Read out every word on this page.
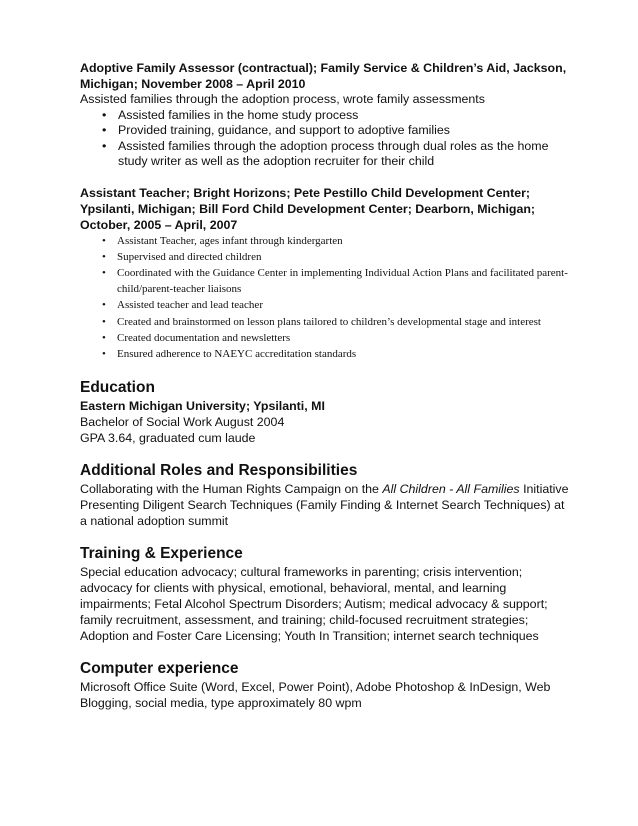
Adoptive Family Assessor (contractual); Family Service & Children’s Aid, Jackson, Michigan; November 2008 – April 2010

Assisted families through the adoption process, wrote family assessments

• Assisted families in the home study process
• Provided training, guidance, and support to adoptive families
• Assisted families through the adoption process through dual roles as the home study writer as well as the adoption recruiter for their child

Assistant Teacher; Bright Horizons; Pete Pestillo Child Development Center; Ypsilanti, Michigan; Bill Ford Child Development Center; Dearborn, Michigan; October, 2005 – April, 2007

• Assistant Teacher, ages infant through kindergarten
• Supervised and directed children
• Coordinated with the Guidance Center in implementing Individual Action Plans and facilitated parent-child/parent-teacher liaisons
• Assisted teacher and lead teacher
• Created and brainstormed on lesson plans tailored to children’s developmental stage and interest
• Created documentation and newsletters
• Ensured adherence to NAEYC accreditation standards

Education

Eastern Michigan University; Ypsilanti, MI

Bachelor of Social Work August 2004

GPA 3.64, graduated cum laude

Additional Roles and Responsibilities

Collaborating with the Human Rights Campaign on the All Children - All Families Initiative

Presenting Diligent Search Techniques (Family Finding & Internet Search Techniques) at a national adoption summit

Training & Experience

Special education advocacy; cultural frameworks in parenting; crisis intervention;

advocacy for clients with physical, emotional, behavioral, mental, and learning

impairments; Fetal Alcohol Spectrum Disorders; Autism; medical advocacy & support;

family recruitment, assessment, and training; child-focused recruitment strategies;

Adoption and Foster Care Licensing; Youth In Transition; internet search techniques

Computer experience

Microsoft Office Suite (Word, Excel, Power Point), Adobe Photoshop & InDesign, Web

Blogging, social media, type approximately 80 wpm
